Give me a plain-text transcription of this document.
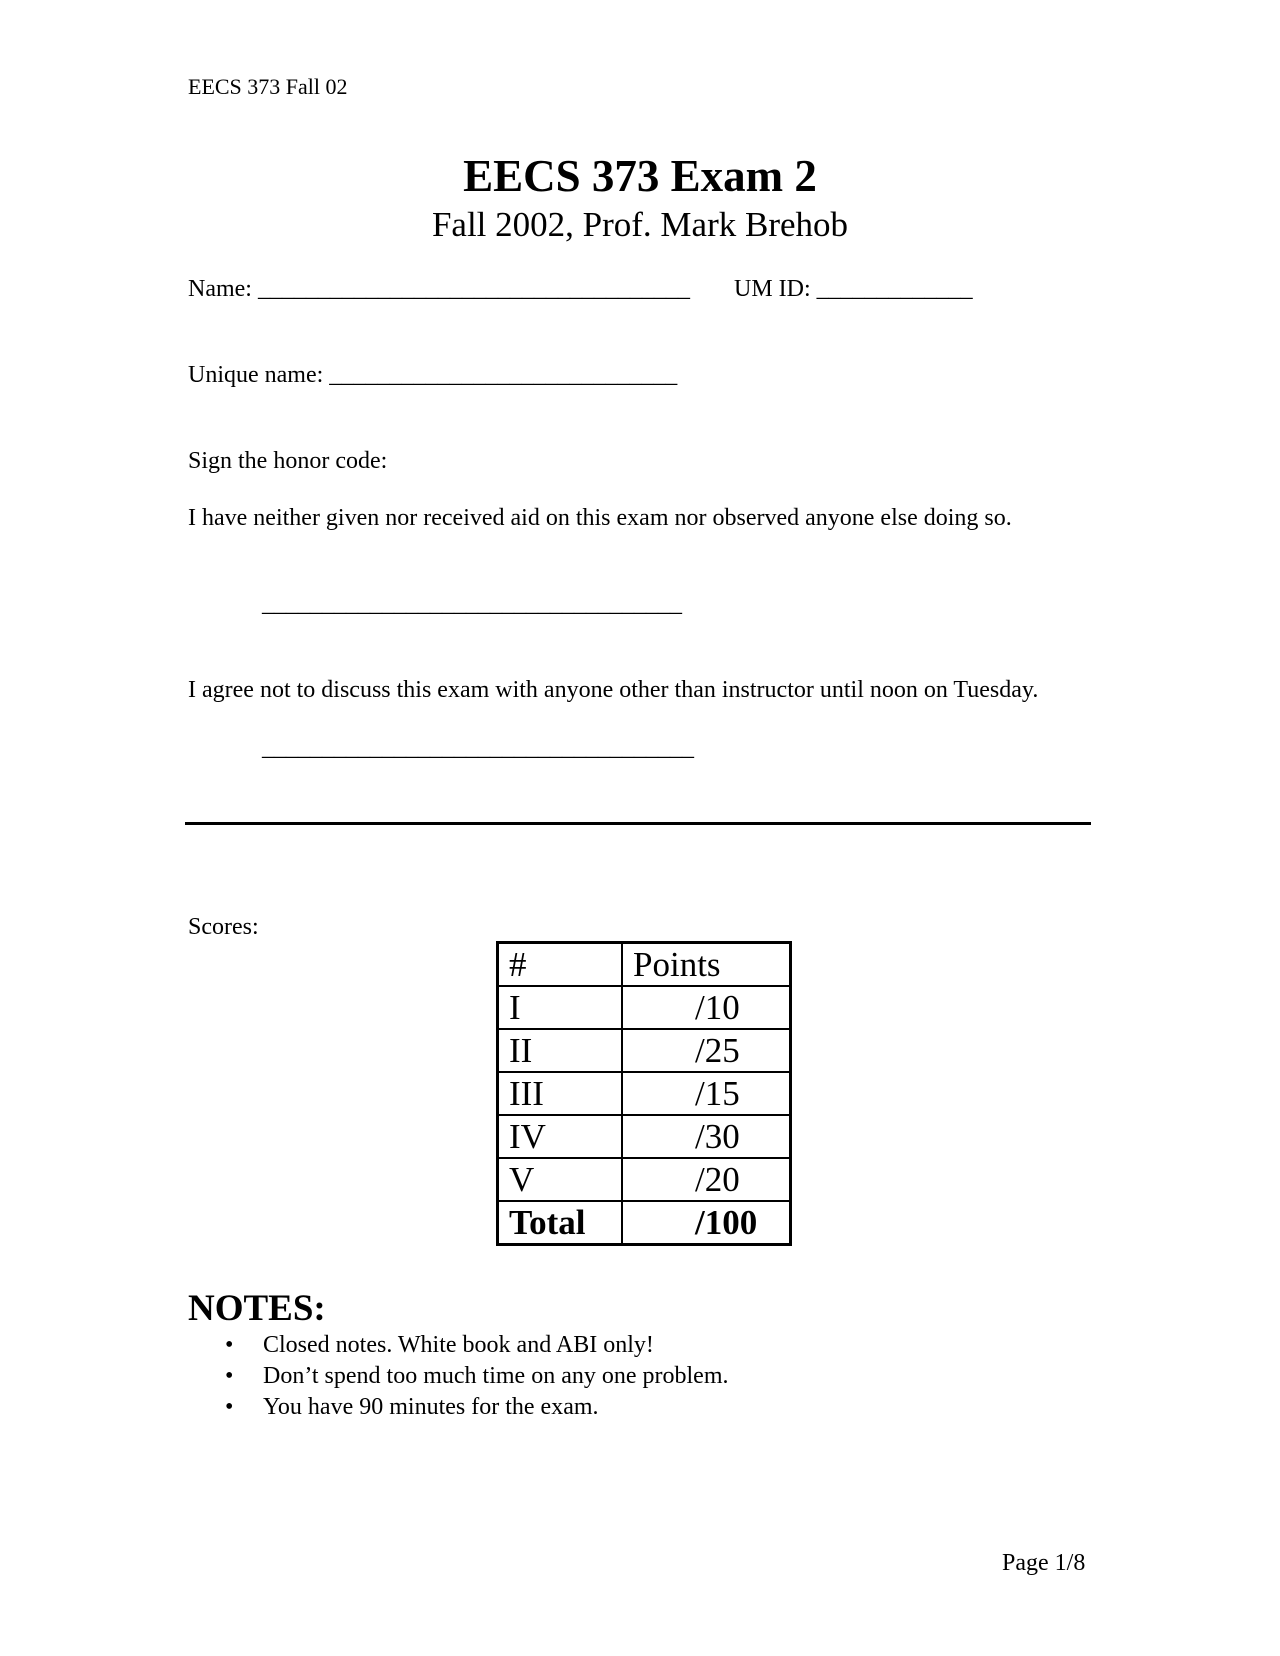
EECS 373 Fall 02
EECS 373 Exam 2
Fall 2002, Prof. Mark Brehob
Name: ____________________________________ UM ID: _____________
Unique name: _____________________________
Sign the honor code:
I have neither given nor received aid on this exam nor observed anyone else doing so.
___________________________________
I agree not to discuss this exam with anyone other than instructor until noon on Tuesday.
____________________________________
Scores:
#	Points
I	/10
II	/25
III	/15
IV	/30
V	/20
Total	/100
NOTES:
• Closed notes. White book and ABI only!
• Don’t spend too much time on any one problem.
• You have 90 minutes for the exam.
Page 1/8
